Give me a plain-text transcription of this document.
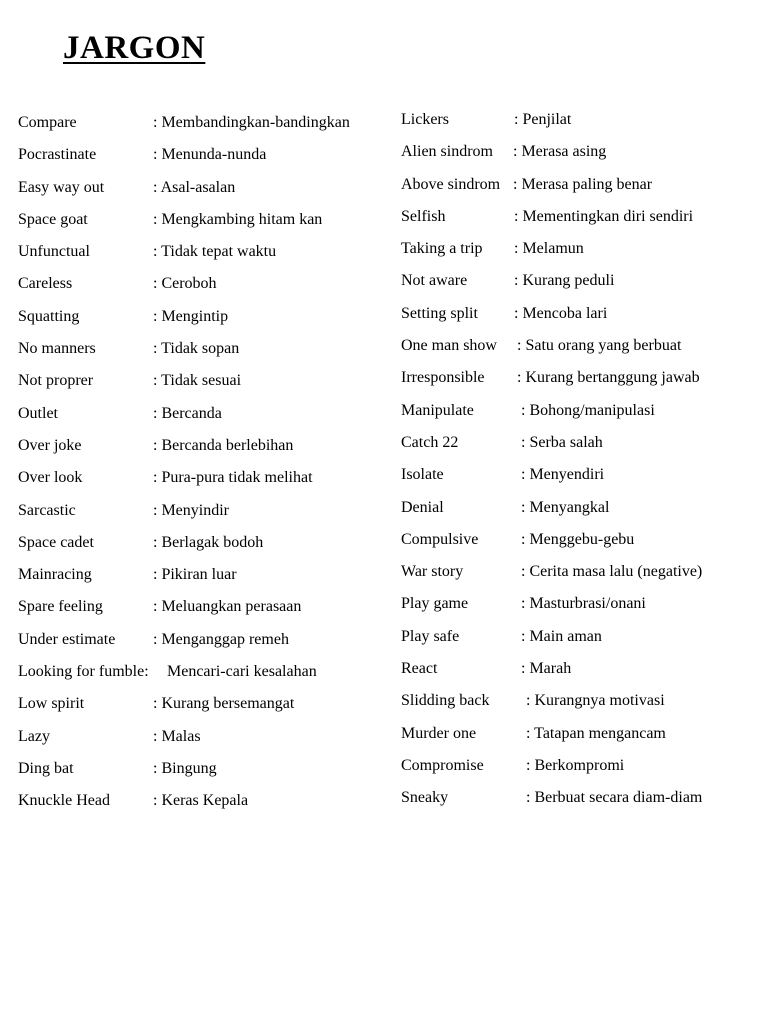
JARGON
Compare	: Membandingkan-bandingkan
Pocrastinate	: Menunda-nunda
Easy way out	: Asal-asalan
Space goat	: Mengkambing hitam kan
Unfunctual	: Tidak tepat waktu
Careless	: Ceroboh
Squatting	: Mengintip
No manners	: Tidak sopan
Not proprer	: Tidak sesuai
Outlet	: Bercanda
Over joke	: Bercanda berlebihan
Over look	: Pura-pura tidak melihat
Sarcastic	: Menyindir
Space cadet	: Berlagak bodoh
Mainracing	: Pikiran luar
Spare feeling	: Meluangkan perasaan
Under estimate : Menganggap remeh
Looking for fumble: Mencari-cari kesalahan
Low spirit	: Kurang bersemangat
Lazy	: Malas
Ding bat	: Bingung
Knuckle Head	: Keras Kepala
Lickers	: Penjilat
Alien sindrom : Merasa asing
Above sindrom : Merasa paling benar
Selfish	: Mementingkan diri sendiri
Taking a trip : Melamun
Not aware	: Kurang peduli
Setting split : Mencoba lari
One man show : Satu orang yang berbuat
Irresponsible : Kurang bertanggung jawab
Manipulate	: Bohong/manipulasi
Catch 22	: Serba salah
Isolate	: Menyendiri
Denial	: Menyangkal
Compulsive	: Menggebu-gebu
War story	: Cerita masa lalu (negative)
Play game	: Masturbrasi/onani
Play safe	: Main aman
React	: Marah
Slidding back : Kurangnya motivasi
Murder one	: Tatapan mengancam
Compromise	: Berkompromi
Sneaky	: Berbuat secara diam-diam
